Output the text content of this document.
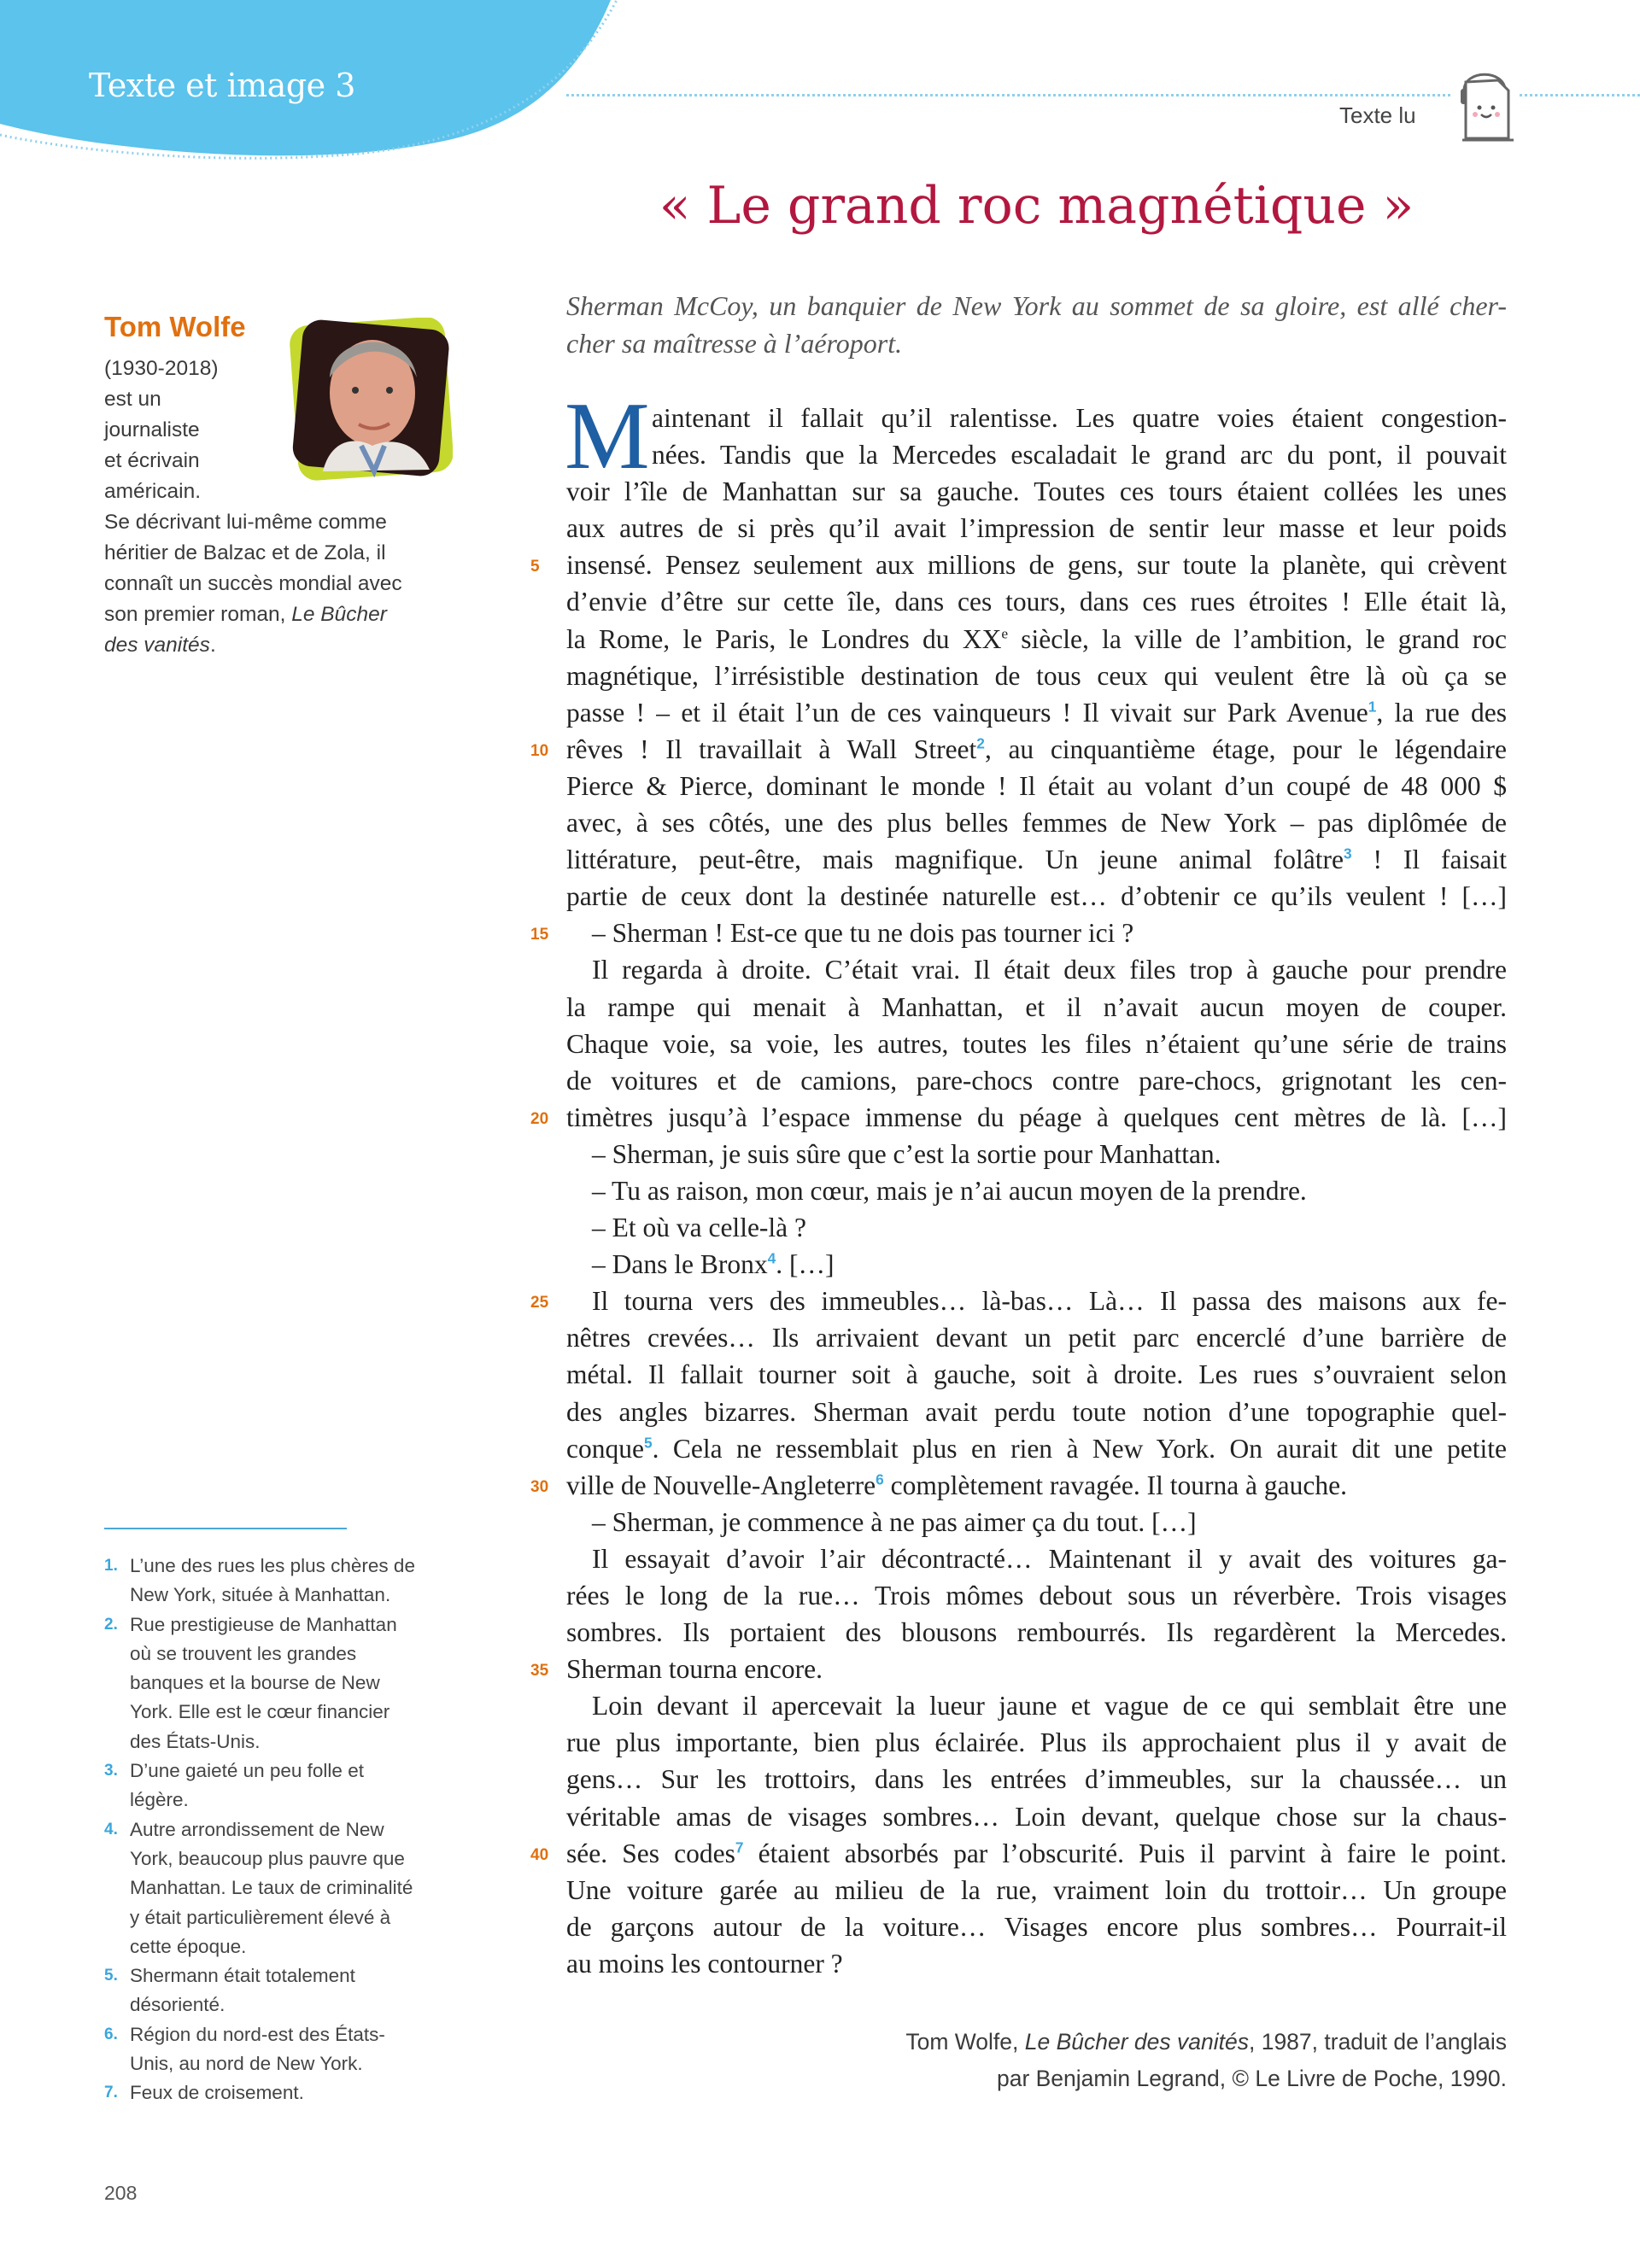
Texte et image 3
Texte lu
« Le grand roc magnétique »
Sherman McCoy, un banquier de New York au sommet de sa gloire, est allé cher-
cher sa maîtresse à l’aéroport.
Tom Wolfe
(1930-2018)
est un
journaliste
et écrivain
américain.
Se décrivant lui-même comme
héritier de Balzac et de Zola, il
connaît un succès mondial avec
son premier roman, Le Bûcher
des vanités.
M aintenant il fallait qu’il ralentisse. Les quatre voies étaient congestion-
nées. Tandis que la Mercedes escaladait le grand arc du pont, il pouvait
voir l’île de Manhattan sur sa gauche. Toutes ces tours étaient collées les unes
aux autres de si près qu’il avait l’impression de sentir leur masse et leur poids
5 insensé. Pensez seulement aux millions de gens, sur toute la planète, qui crèvent
d’envie d’être sur cette île, dans ces tours, dans ces rues étroites ! Elle était là,
la Rome, le Paris, le Londres du XXe siècle, la ville de l’ambition, le grand roc
magnétique, l’irrésistible destination de tous ceux qui veulent être là où ça se
passe ! – et il était l’un de ces vainqueurs ! Il vivait sur Park Avenue$^1$, la rue des
10 rêves ! Il travaillait à Wall Street$^2$, au cinquantième étage, pour le légendaire
Pierce & Pierce, dominant le monde ! Il était au volant d’un coupé de 48 000 $
avec, à ses côtés, une des plus belles femmes de New York – pas diplômée de
littérature, peut-être, mais magnifique. Un jeune animal folâtre$^3$ ! Il faisait
partie de ceux dont la destinée naturelle est… d’obtenir ce qu’ils veulent ! […]
15 – Sherman ! Est-ce que tu ne dois pas tourner ici ?
Il regarda à droite. C’était vrai. Il était deux files trop à gauche pour prendre
la rampe qui menait à Manhattan, et il n’avait aucun moyen de couper.
Chaque voie, sa voie, les autres, toutes les files n’étaient qu’une série de trains
de voitures et de camions, pare-chocs contre pare-chocs, grignotant les cen-
20 timètres jusqu’à l’espace immense du péage à quelques cent mètres de là. […]
– Sherman, je suis sûre que c’est la sortie pour Manhattan.
– Tu as raison, mon cœur, mais je n’ai aucun moyen de la prendre.
– Et où va celle-là ?
– Dans le Bronx$^4$. […]
25 Il tourna vers des immeubles… là-bas… Là… Il passa des maisons aux fe-
nêtres crevées… Ils arrivaient devant un petit parc encerclé d’une barrière de
métal. Il fallait tourner soit à gauche, soit à droite. Les rues s’ouvraient selon
des angles bizarres. Sherman avait perdu toute notion d’une topographie quel-
conque$^5$. Cela ne ressemblait plus en rien à New York. On aurait dit une petite
30 ville de Nouvelle-Angleterre$^6$ complètement ravagée. Il tourna à gauche.
– Sherman, je commence à ne pas aimer ça du tout. […]
Il essayait d’avoir l’air décontracté… Maintenant il y avait des voitures ga-
rées le long de la rue… Trois mômes debout sous un réverbère. Trois visages
sombres. Ils portaient des blousons rembourrés. Ils regardèrent la Mercedes.
35 Sherman tourna encore.
Loin devant il apercevait la lueur jaune et vague de ce qui semblait être une
rue plus importante, bien plus éclairée. Plus ils approchaient plus il y avait de
gens… Sur les trottoirs, dans les entrées d’immeubles, sur la chaussée… un
véritable amas de visages sombres… Loin devant, quelque chose sur la chaus-
40 sée. Ses codes$^7$ étaient absorbés par l’obscurité. Puis il parvint à faire le point.
Une voiture garée au milieu de la rue, vraiment loin du trottoir… Un groupe
de garçons autour de la voiture… Visages encore plus sombres… Pourrait-il
au moins les contourner ?
1. L’une des rues les plus chères de
New York, située à Manhattan.
2. Rue prestigieuse de Manhattan
où se trouvent les grandes
banques et la bourse de New
York. Elle est le cœur financier
des États-Unis.
3. D’une gaieté un peu folle et
légère.
4. Autre arrondissement de New
York, beaucoup plus pauvre que
Manhattan. Le taux de criminalité
y était particulièrement élevé à
cette époque.
5. Shermann était totalement
désorienté.
6. Région du nord-est des États-
Unis, au nord de New York.
7. Feux de croisement.
Tom Wolfe, Le Bûcher des vanités, 1987, traduit de l’anglais
par Benjamin Legrand, © Le Livre de Poche, 1990.
208
